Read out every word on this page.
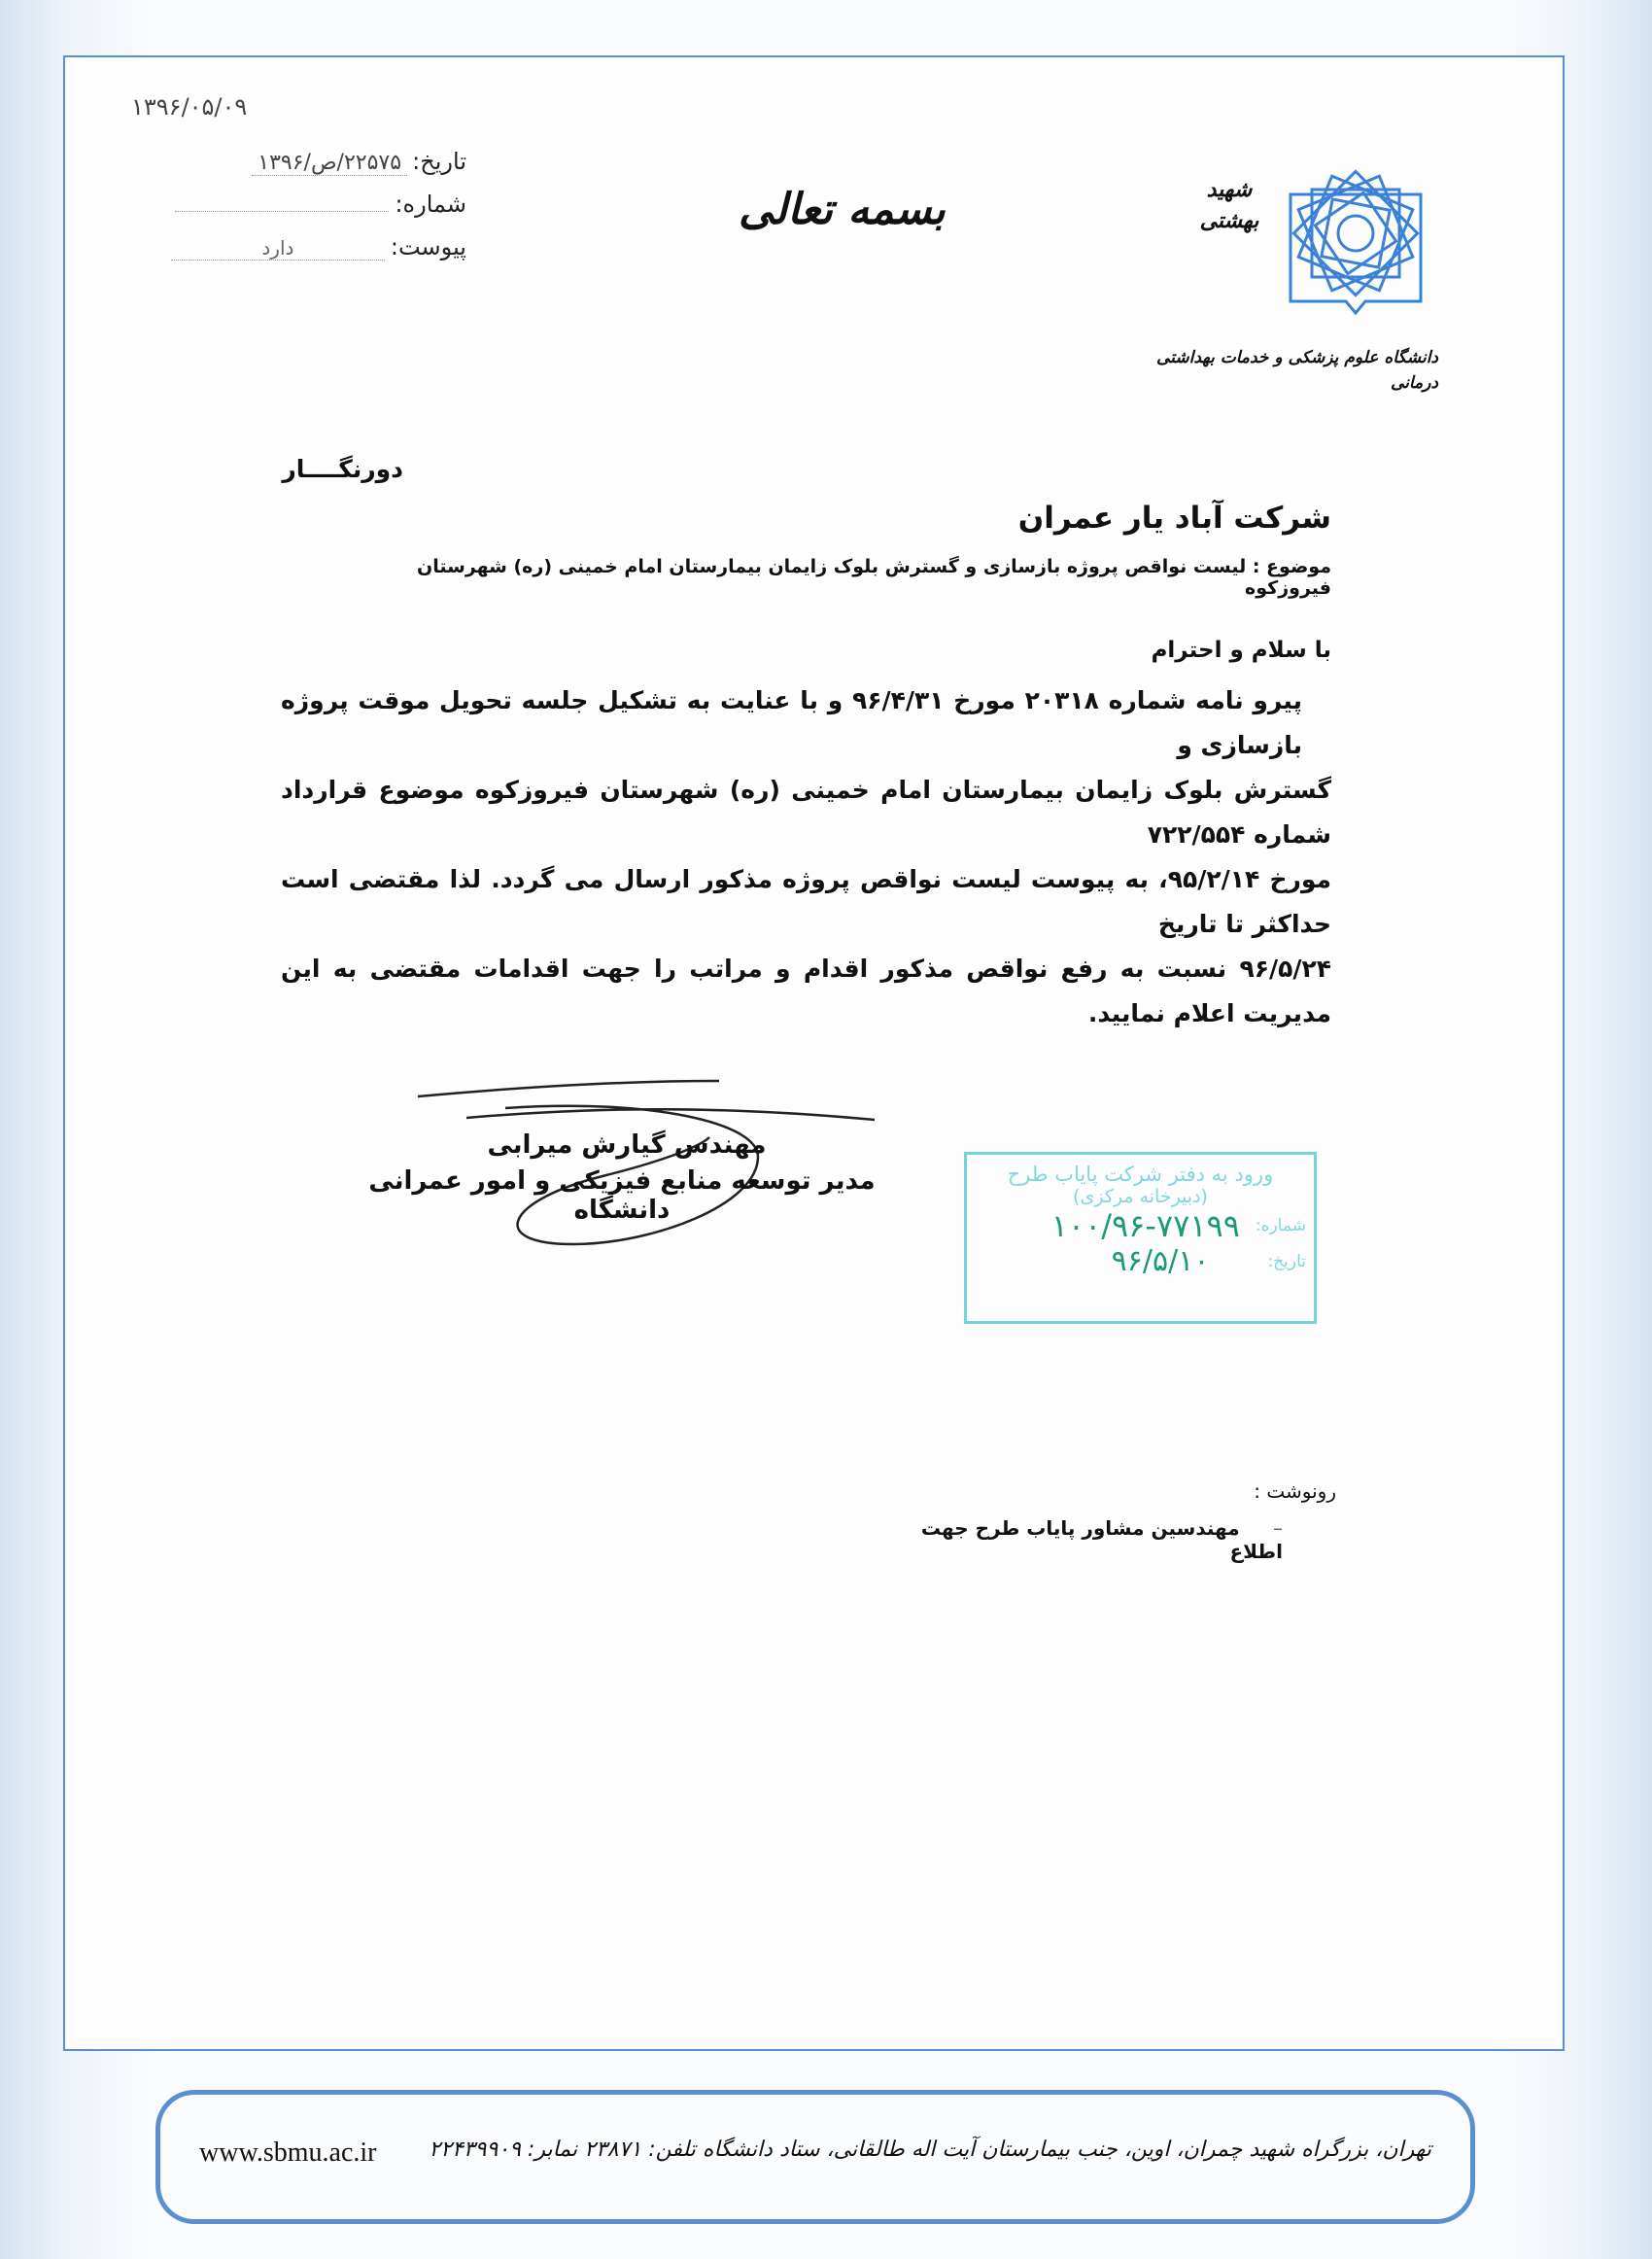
۱۳۹۶/۰۵/۰۹
تاریخ: ۲۲۵۷۵/ص/۱۳۹۶
شماره:
پیوست:
دارد
بسمه تعالی	شهید بهشتی
دانشگاه علوم پزشکی و خدمات بهداشتی درمانی
دورنگــــار
شرکت آباد یار عمران
موضوع : لیست نواقص پروژه بازسازی و گسترش بلوک زایمان بیمارستان امام خمینی (ره) شهرستان فیروزکوه
با سلام و احترام

پیرو نامه شماره ۲۰۳۱۸ مورخ ۹۶/۴/۳۱ و با عنایت به تشکیل جلسه تحویل موقت پروژه بازسازی و

گسترش بلوک زایمان بیمارستان امام خمینی (ره) شهرستان فیروزکوه موضوع قرارداد شماره ۷۲۲/۵۵۴

مورخ ۹۵/۲/۱۴، به پیوست لیست نواقص پروژه مذکور ارسال می گردد. لذا مقتضی است حداکثر تا تاریخ

۹۶/۵/۲۴ نسبت به رفع نواقص مذکور اقدام و مراتب را جهت اقدامات مقتضی به این مدیریت اعلام نمایید.

مهندس گیارش میرابی
مدیر توسعه منابع فیزیکی و امور عمرانی دانشگاه
ورود به دفتر شرکت پایاب طرح
(دبیرخانه مرکزی)
شماره:
۱۰۰/۹۶-۷۷۱۹۹
تاریخ:
۹۶/۵/۱۰
رونوشت :
– مهندسین مشاور پایاب طرح جهت اطلاع
www.sbmu.ac.ir تهران، بزرگراه شهید چمران، اوین، جنب بیمارستان آیت اله طالقانی، ستاد دانشگاه تلفن: ۲۳۸۷۱ نمابر: ۲۲۴۳۹۹۰۹
